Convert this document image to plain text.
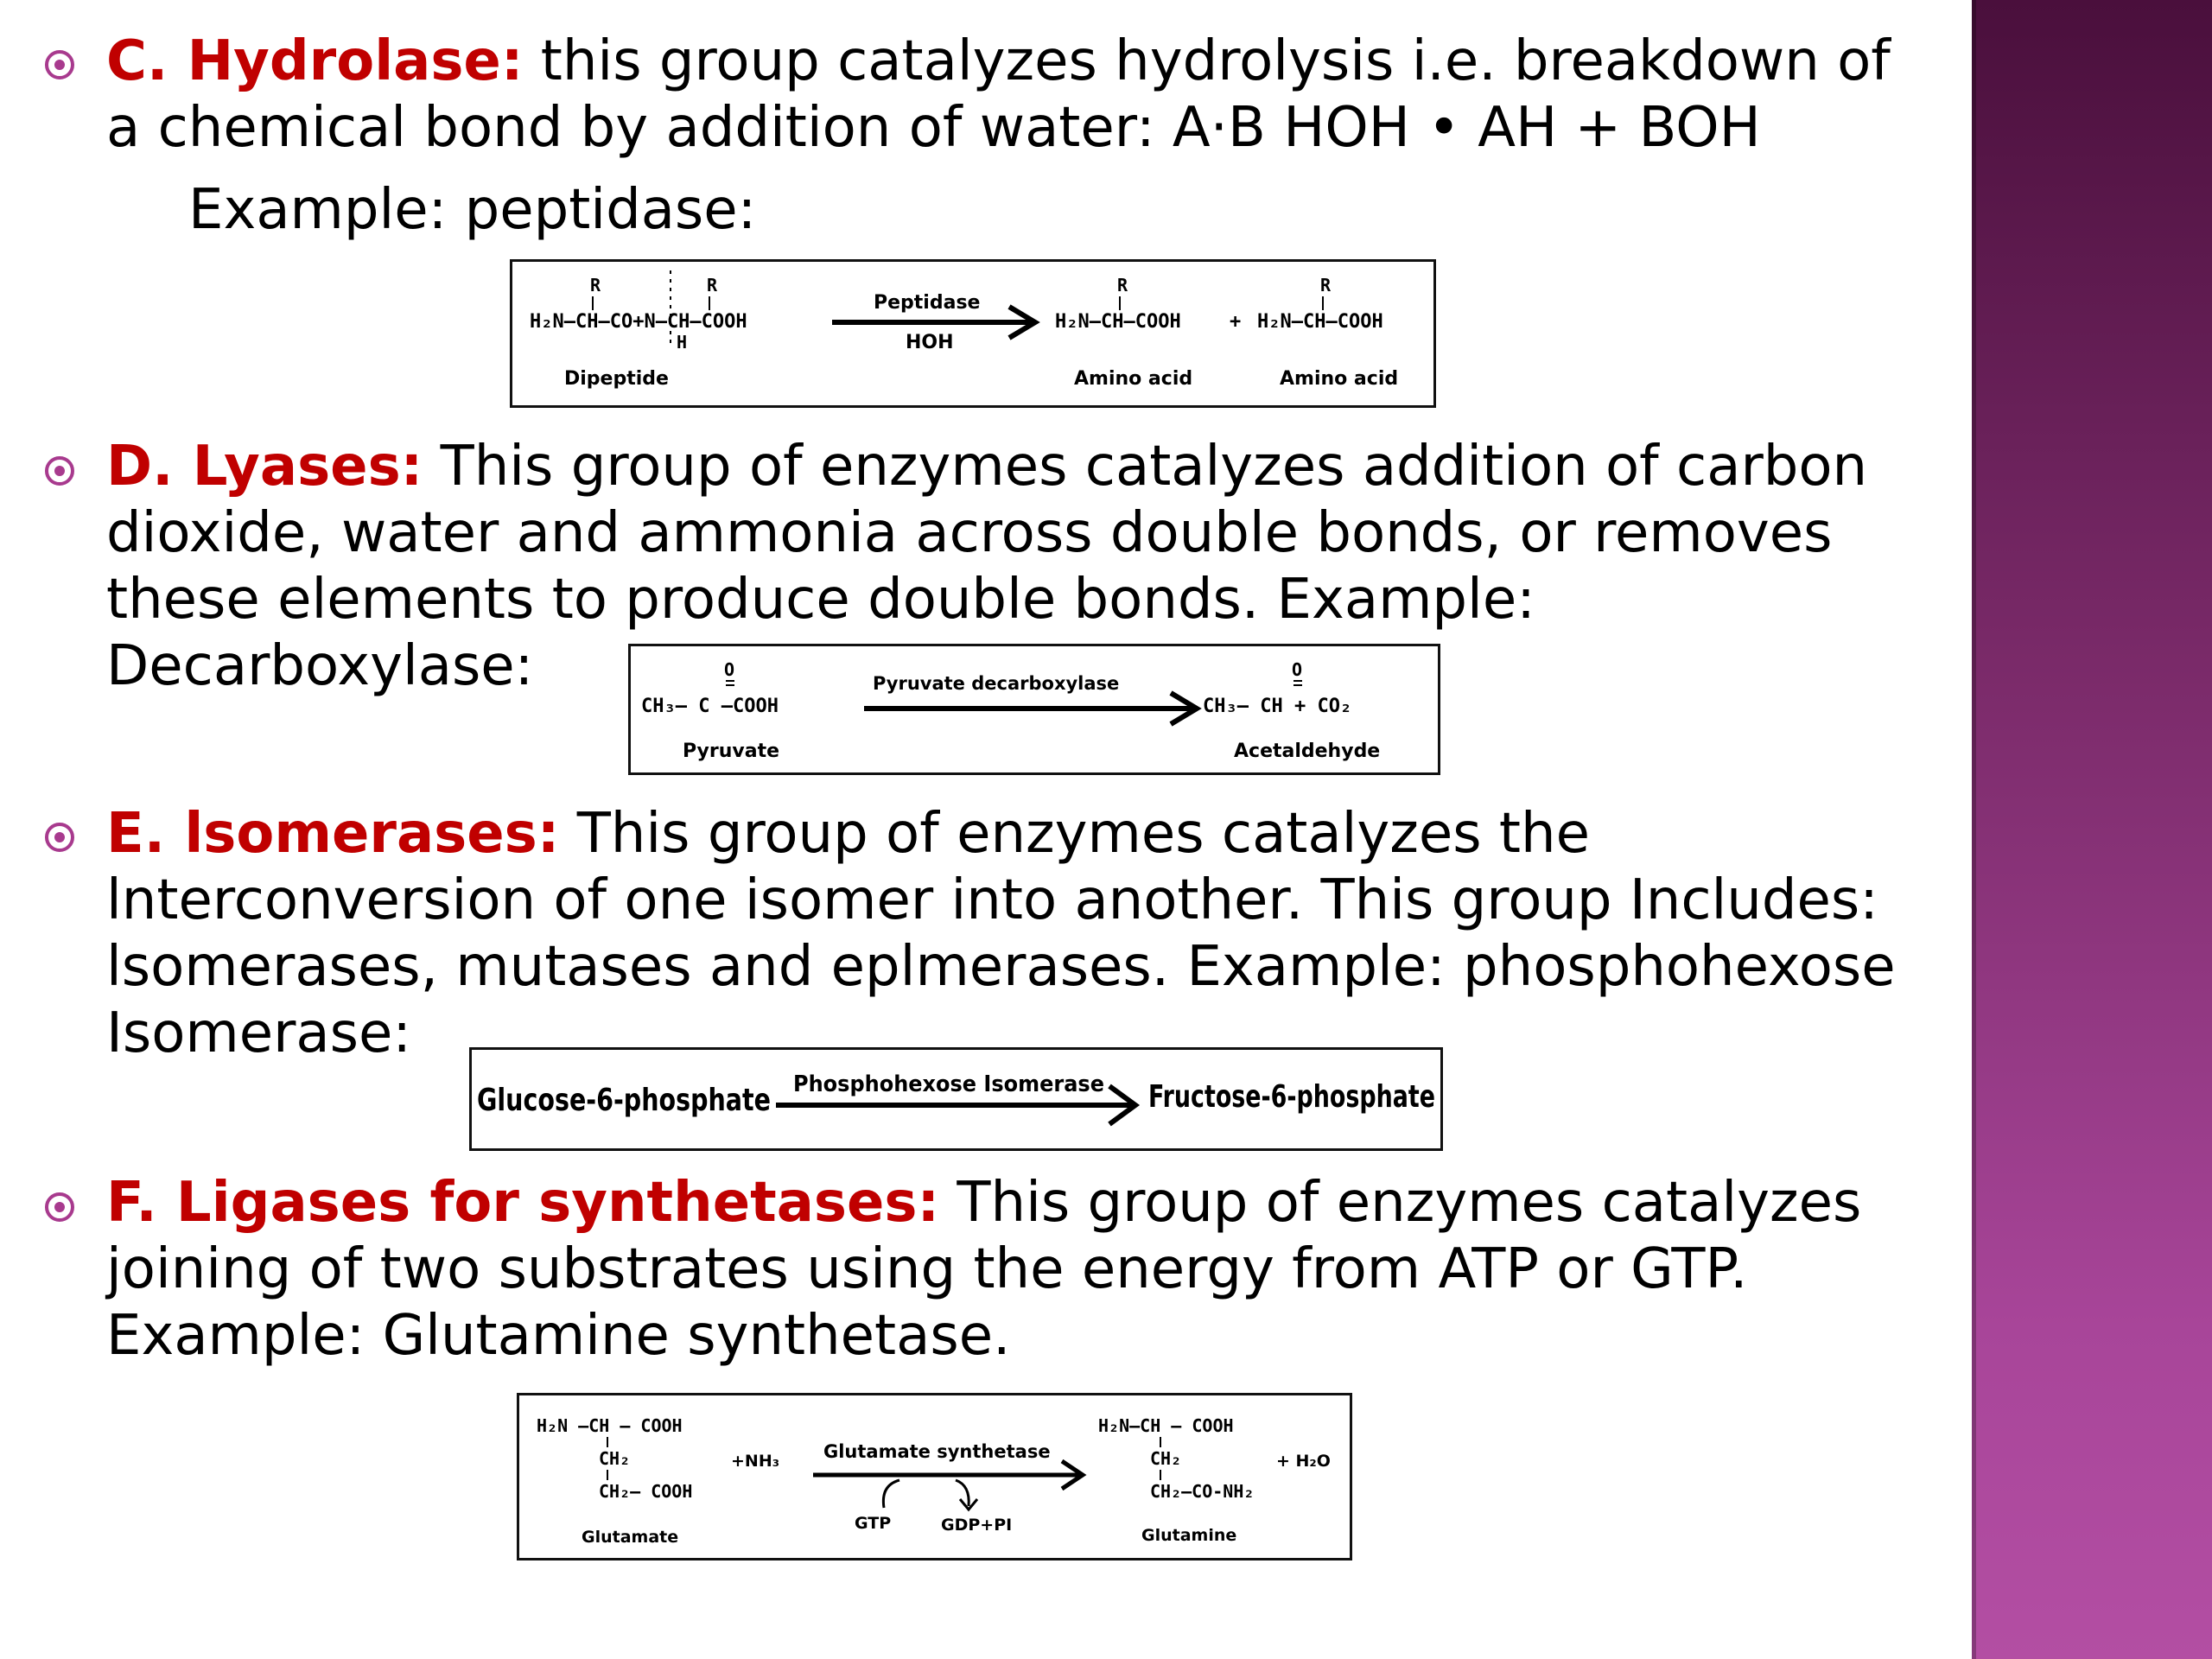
C. Hydrolase: this group catalyzes hydrolysis i.e. breakdown of a chemical bond by addition of water: A·B HOH • AH + BOH

Example: peptidase:
R	R
H₂N–CH–CO+N–CH–COOH
H
Dipeptide
Peptidase
HOH
R	R
H₂N–CH–COOH	+ H₂N–CH–COOH
Amino acid	Amino acid

D. Lyases: This group of enzymes catalyzes addition of carbon dioxide, water and ammonia across double bonds, or removes these elements to produce double bonds. Example: Decarboxylase:	O
CH₃– C –COOH
Pyruvate
Pyruvate decarboxylase
O
CH₃– CH + CO₂
Acetaldehyde

E. lsomerases: This group of enzymes catalyzes the lnterconversion of one isomer into another. This group Includes: lsomerases, mutases and eplmerases. Example: phosphohexose Isomerase:

Glucose-6-phosphate Phosphohexose Isomerase Fructose-6-phosphate

F. Ligases for synthetases: This group of enzymes catalyzes joining of two substrates using the energy from ATP or GTP. Example: Glutamine synthetase.

H₂N –CH – COOH
CH₂
CH₂– COOH
Glutamate
+NH₃ Glutamate synthetase
GTP	GDP+PI
H₂N–CH – COOH
CH₂
CH₂–CO-NH₂
+ H₂O
Glutamine
